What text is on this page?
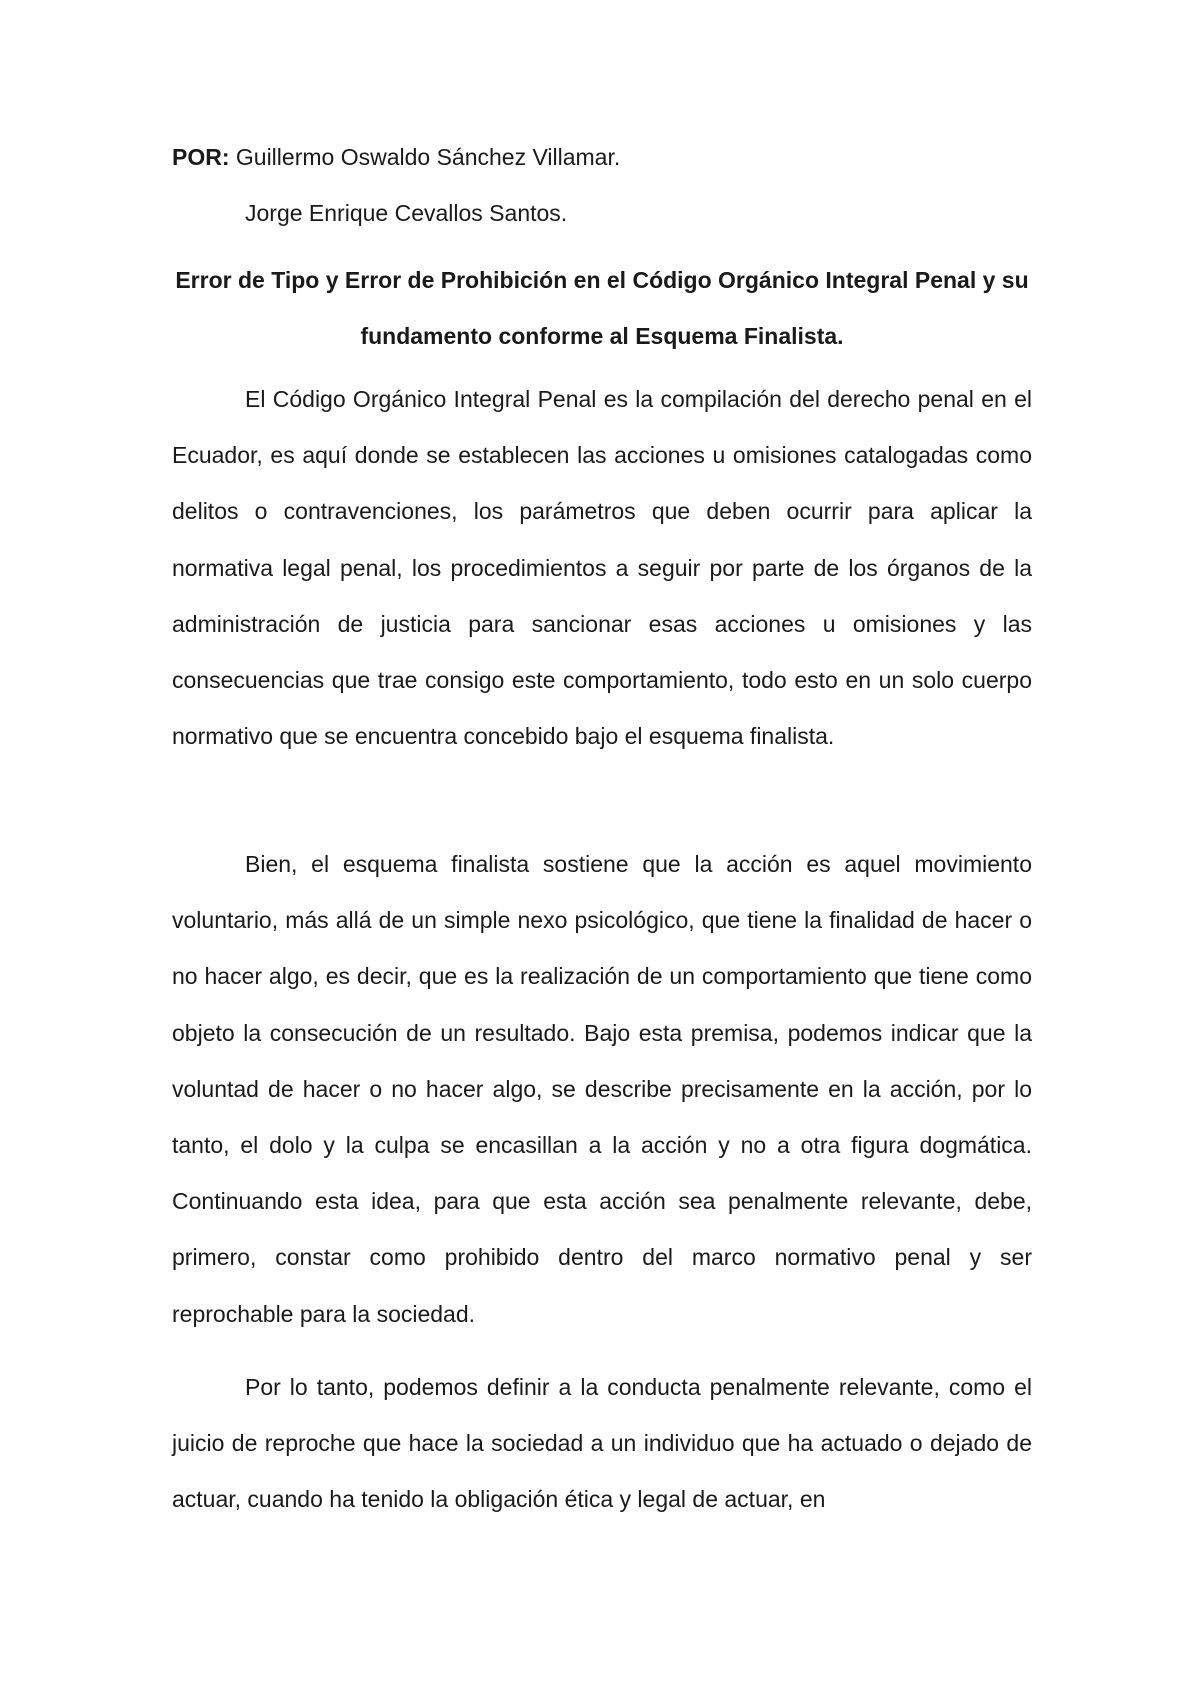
POR: Guillermo Oswaldo Sánchez Villamar.
Jorge Enrique Cevallos Santos.
Error de Tipo y Error de Prohibición en el Código Orgánico Integral Penal y su fundamento conforme al Esquema Finalista.

El Código Orgánico Integral Penal es la compilación del derecho penal en el Ecuador, es aquí donde se establecen las acciones u omisiones catalogadas como delitos o contravenciones, los parámetros que deben ocurrir para aplicar la normativa legal penal, los procedimientos a seguir por parte de los órganos de la administración de justicia para sancionar esas acciones u omisiones y las consecuencias que trae consigo este comportamiento, todo esto en un solo cuerpo normativo que se encuentra concebido bajo el esquema finalista.

Bien, el esquema finalista sostiene que la acción es aquel movimiento voluntario, más allá de un simple nexo psicológico, que tiene la finalidad de hacer o no hacer algo, es decir, que es la realización de un comportamiento que tiene como objeto la consecución de un resultado. Bajo esta premisa, podemos indicar que la voluntad de hacer o no hacer algo, se describe precisamente en la acción, por lo tanto, el dolo y la culpa se encasillan a la acción y no a otra figura dogmática. Continuando esta idea, para que esta acción sea penalmente relevante, debe, primero, constar como prohibido dentro del marco normativo penal y ser reprochable para la sociedad.

Por lo tanto, podemos definir a la conducta penalmente relevante, como el juicio de reproche que hace la sociedad a un individuo que ha actuado o dejado de actuar, cuando ha tenido la obligación ética y legal de actuar, en
